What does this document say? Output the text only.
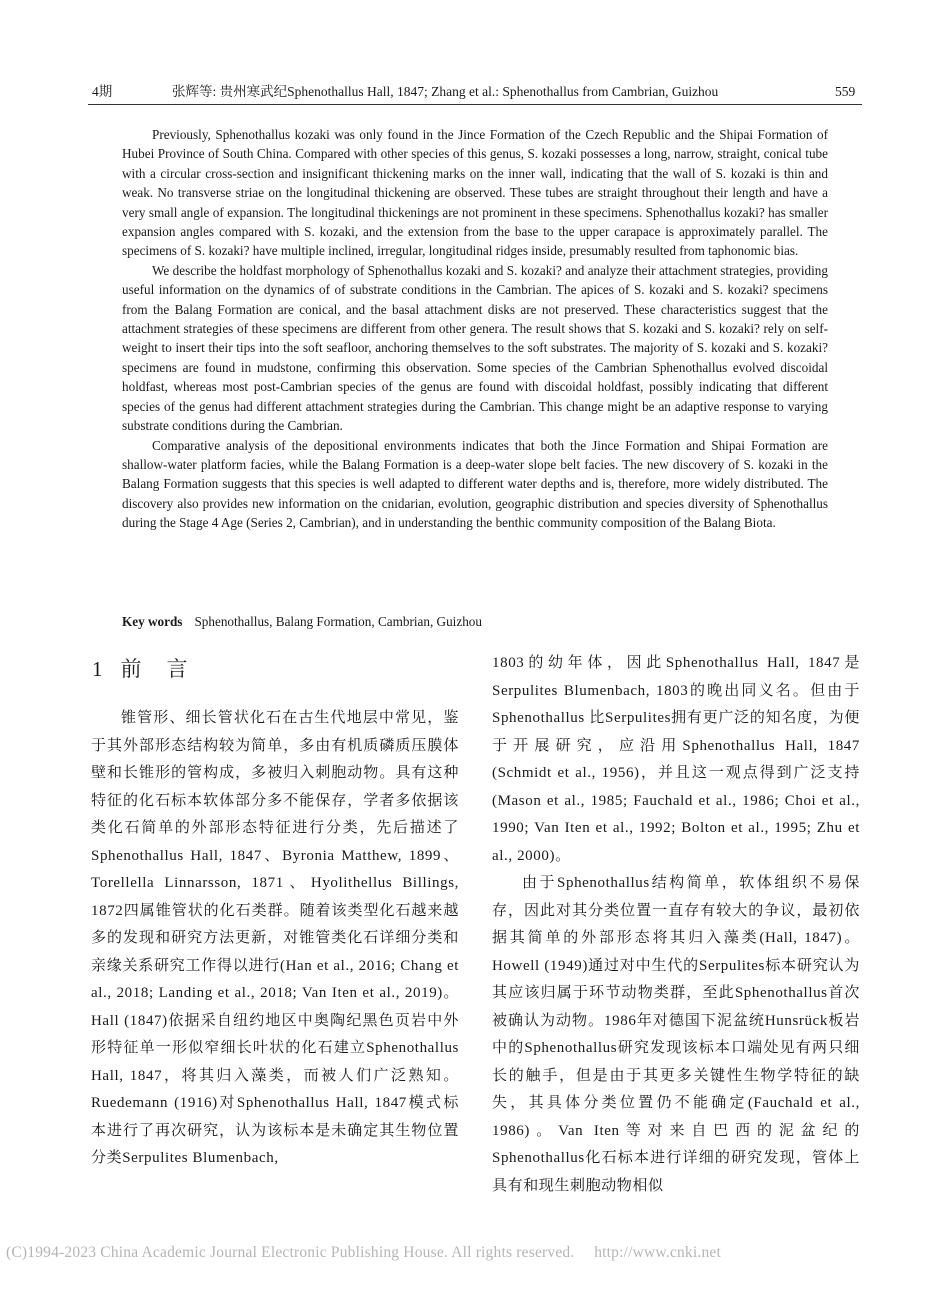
4期	张辉等: 贵州寒武纪Sphenothallus Hall, 1847; Zhang et al.: Sphenothallus from Cambrian, Guizhou	559

Previously, Sphenothallus kozaki was only found in the Jince Formation of the Czech Republic and the Shipai Formation of Hubei Province of South China. Compared with other species of this genus, S. kozaki possesses a long, narrow, straight, conical tube with a circular cross-section and insignificant thickening marks on the inner wall, indicating that the wall of S. kozaki is thin and weak. No transverse striae on the longitudinal thickening are observed. These tubes are straight throughout their length and have a very small angle of expansion. The longitudinal thickenings are not prominent in these specimens. Sphenothallus kozaki? has smaller expansion angles compared with S. kozaki, and the extension from the base to the upper carapace is approximately parallel. The specimens of S. kozaki? have multiple inclined, irregular, longitudinal ridges inside, presumably resulted from taphonomic bias.

We describe the holdfast morphology of Sphenothallus kozaki and S. kozaki? and analyze their attachment strategies, providing useful information on the dynamics of of substrate conditions in the Cambrian. The apices of S. kozaki and S. kozaki? specimens from the Balang Formation are conical, and the basal attachment disks are not preserved. These characteristics suggest that the attachment strategies of these specimens are different from other genera. The result shows that S. kozaki and S. kozaki? rely on self-weight to insert their tips into the soft seafloor, anchoring themselves to the soft substrates. The majority of S. kozaki and S. kozaki? specimens are found in mudstone, confirming this observation. Some species of the Cambrian Sphenothallus evolved discoidal holdfast, whereas most post-Cambrian species of the genus are found with discoidal holdfast, possibly indicating that different species of the genus had different attachment strategies during the Cambrian. This change might be an adaptive response to varying substrate conditions during the Cambrian.

Comparative analysis of the depositional environments indicates that both the Jince Formation and Shipai Formation are shallow-water platform facies, while the Balang Formation is a deep-water slope belt facies. The new discovery of S. kozaki in the Balang Formation suggests that this species is well adapted to different water depths and is, therefore, more widely distributed. The discovery also provides new information on the cnidarian, evolution, geographic distribution and species diversity of Sphenothallus during the Stage 4 Age (Series 2, Cambrian), and in understanding the benthic community composition of the Balang Biota.

Key words Sphenothallus, Balang Formation, Cambrian, Guizhou
1 前　言

锥管形、细长管状化石在古生代地层中常见，鉴于其外部形态结构较为简单，多由有机质磷质压膜体壁和长锥形的管构成，多被归入刺胞动物。具有这种特征的化石标本软体部分多不能保存，学者多依据该类化石简单的外部形态特征进行分类，先后描述了Sphenothallus Hall, 1847、Byronia Matthew, 1899、Torellella Linnarsson, 1871、Hyolithellus Billings, 1872四属锥管状的化石类群。随着该类型化石越来越多的发现和研究方法更新，对锥管类化石详细分类和亲缘关系研究工作得以进行(Han et al., 2016; Chang et al., 2018; Landing et al., 2018; Van Iten et al., 2019)。Hall (1847)依据采自纽约地区中奥陶纪黑色页岩中外形特征单一形似窄细长叶状的化石建立Sphenothallus Hall, 1847，将其归入藻类，而被人们广泛熟知。Ruedemann (1916)对Sphenothallus Hall, 1847模式标本进行了再次研究，认为该标本是未确定其生物位置分类Serpulites Blumenbach,

1803的幼年体，因此Sphenothallus Hall, 1847是Serpulites Blumenbach, 1803的晚出同义名。但由于Sphenothallus 比Serpulites拥有更广泛的知名度，为便于开展研究，应沿用Sphenothallus Hall, 1847 (Schmidt et al., 1956)，并且这一观点得到广泛支持(Mason et al., 1985; Fauchald et al., 1986; Choi et al., 1990; Van Iten et al., 1992; Bolton et al., 1995; Zhu et al., 2000)。

由于Sphenothallus结构简单，软体组织不易保存，因此对其分类位置一直存有较大的争议，最初依据其简单的外部形态将其归入藻类(Hall, 1847)。Howell (1949)通过对中生代的Serpulites标本研究认为其应该归属于环节动物类群，至此Sphenothallus首次被确认为动物。1986年对德国下泥盆统Hunsrück板岩中的Sphenothallus研究发现该标本口端处见有两只细长的触手，但是由于其更多关键性生物学特征的缺失，其具体分类位置仍不能确定(Fauchald et al., 1986)。Van Iten等对来自巴西的泥盆纪的Sphenothallus化石标本进行详细的研究发现，管体上具有和现生刺胞动物相似

(C)1994-2023 China Academic Journal Electronic Publishing House. All rights reserved.　 http://www.cnki.net
